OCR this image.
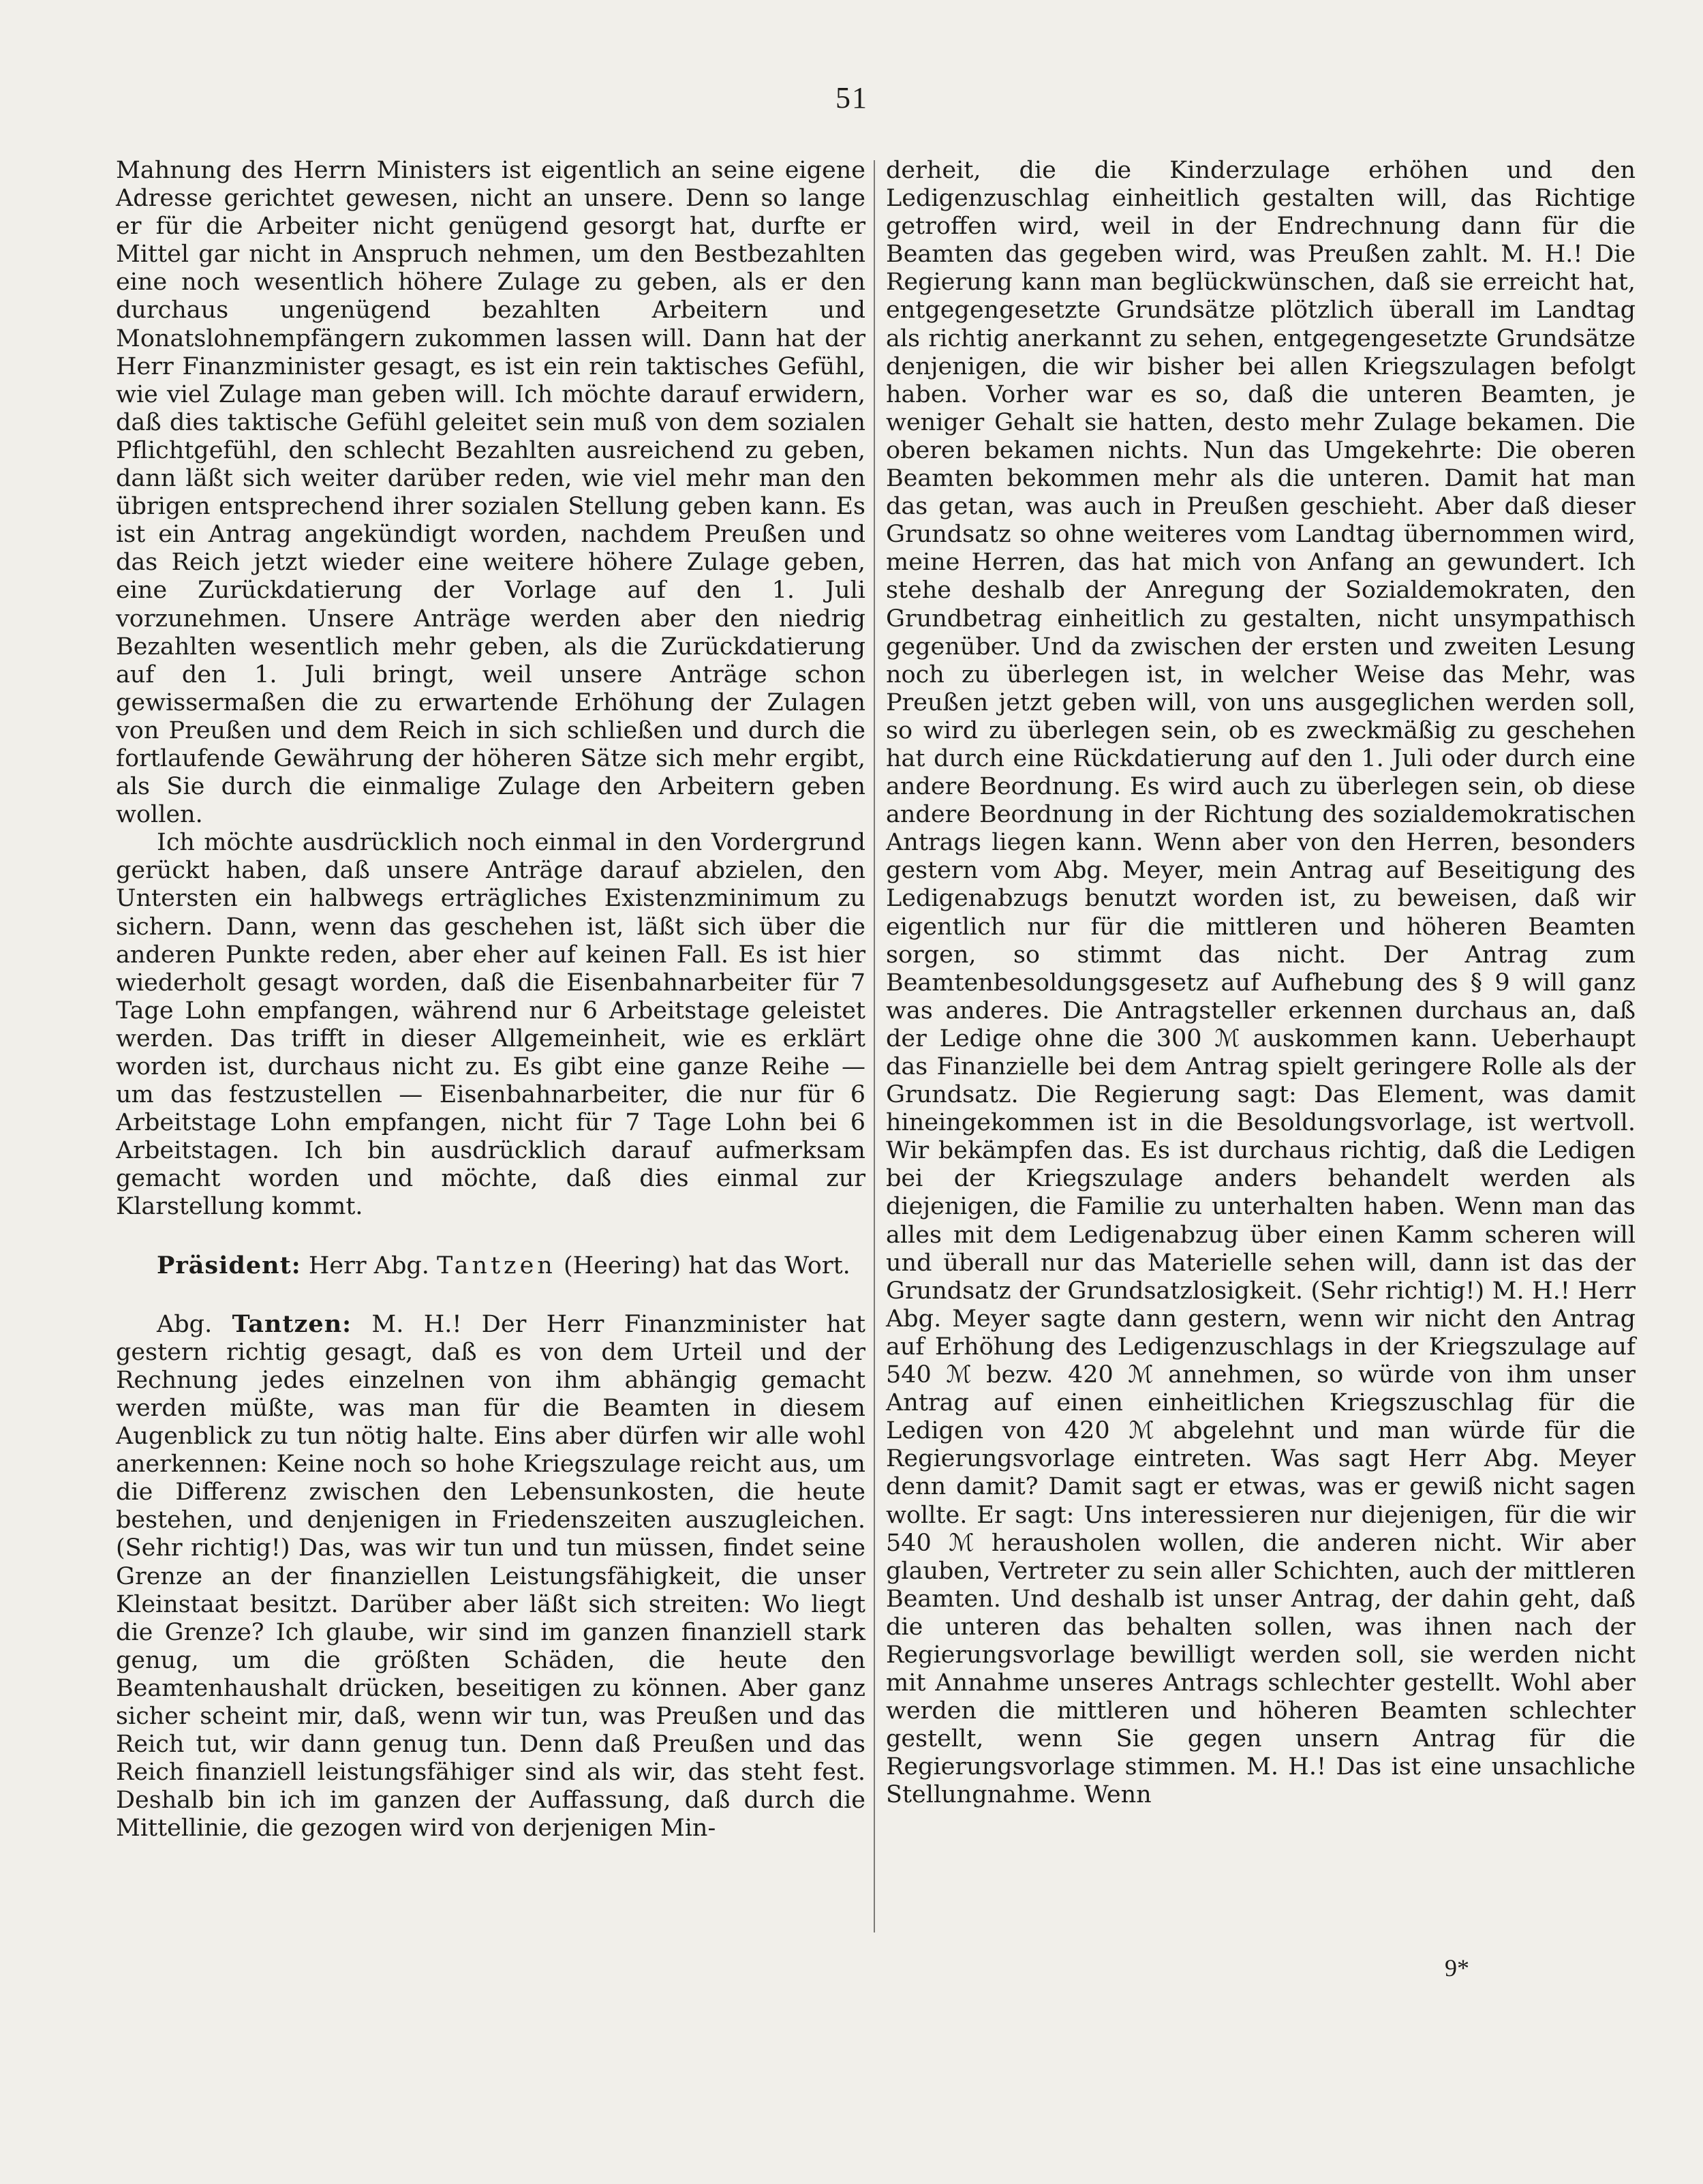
51

Mahnung des Herrn Ministers ist eigentlich an seine eigene Adresse gerichtet gewesen, nicht an unsere. Denn so lange er für die Arbeiter nicht genügend gesorgt hat, durfte er Mittel gar nicht in Anspruch nehmen, um den Bestbezahlten eine noch wesentlich höhere Zulage zu geben, als er den durchaus ungenügend bezahlten Arbeitern und Monatslohnempfängern zukommen lassen will. Dann hat der Herr Finanzminister gesagt, es ist ein rein taktisches Gefühl, wie viel Zulage man geben will. Ich möchte darauf erwidern, daß dies taktische Gefühl geleitet sein muß von dem sozialen Pflichtgefühl, den schlecht Bezahlten ausreichend zu geben, dann läßt sich weiter darüber reden, wie viel mehr man den übrigen entsprechend ihrer sozialen Stellung geben kann. Es ist ein Antrag angekündigt worden, nachdem Preußen und das Reich jetzt wieder eine weitere höhere Zulage geben, eine Zurückdatierung der Vorlage auf den 1. Juli vorzunehmen. Unsere Anträge werden aber den niedrig Bezahlten wesentlich mehr geben, als die Zurückdatierung auf den 1. Juli bringt, weil unsere Anträge schon gewissermaßen die zu erwartende Erhöhung der Zulagen von Preußen und dem Reich in sich schließen und durch die fortlaufende Gewährung der höheren Sätze sich mehr ergibt, als Sie durch die einmalige Zulage den Arbeitern geben wollen.

Ich möchte ausdrücklich noch einmal in den Vordergrund gerückt haben, daß unsere Anträge darauf abzielen, den Untersten ein halbwegs erträgliches Existenzminimum zu sichern. Dann, wenn das geschehen ist, läßt sich über die anderen Punkte reden, aber eher auf keinen Fall. Es ist hier wiederholt gesagt worden, daß die Eisenbahnarbeiter für 7 Tage Lohn empfangen, während nur 6 Arbeitstage geleistet werden. Das trifft in dieser Allgemeinheit, wie es erklärt worden ist, durchaus nicht zu. Es gibt eine ganze Reihe — um das festzustellen — Eisenbahnarbeiter, die nur für 6 Arbeitstage Lohn empfangen, nicht für 7 Tage Lohn bei 6 Arbeitstagen. Ich bin ausdrücklich darauf aufmerksam gemacht worden und möchte, daß dies einmal zur Klarstellung kommt.

Präsident: Herr Abg. Tantzen (Heering) hat das Wort.

Abg. Tantzen: M. H.! Der Herr Finanzminister hat gestern richtig gesagt, daß es von dem Urteil und der Rechnung jedes einzelnen von ihm abhängig gemacht werden müßte, was man für die Beamten in diesem Augenblick zu tun nötig halte. Eins aber dürfen wir alle wohl anerkennen: Keine noch so hohe Kriegszulage reicht aus, um die Differenz zwischen den Lebensunkosten, die heute bestehen, und denjenigen in Friedenszeiten auszugleichen. (Sehr richtig!) Das, was wir tun und tun müssen, findet seine Grenze an der finanziellen Leistungsfähigkeit, die unser Kleinstaat besitzt. Darüber aber läßt sich streiten: Wo liegt die Grenze? Ich glaube, wir sind im ganzen finanziell stark genug, um die größten Schäden, die heute den Beamtenhaushalt drücken, beseitigen zu können. Aber ganz sicher scheint mir, daß, wenn wir tun, was Preußen und das Reich tut, wir dann genug tun. Denn daß Preußen und das Reich finanziell leistungsfähiger sind als wir, das steht fest. Deshalb bin ich im ganzen der Auffassung, daß durch die Mittellinie, die gezogen wird von derjenigen Min-

derheit, die die Kinderzulage erhöhen und den Ledigenzuschlag einheitlich gestalten will, das Richtige getroffen wird, weil in der Endrechnung dann für die Beamten das gegeben wird, was Preußen zahlt. M. H.! Die Regierung kann man beglückwünschen, daß sie erreicht hat, entgegengesetzte Grundsätze plötzlich überall im Landtag als richtig anerkannt zu sehen, entgegengesetzte Grundsätze denjenigen, die wir bisher bei allen Kriegszulagen befolgt haben. Vorher war es so, daß die unteren Beamten, je weniger Gehalt sie hatten, desto mehr Zulage bekamen. Die oberen bekamen nichts. Nun das Umgekehrte: Die oberen Beamten bekommen mehr als die unteren. Damit hat man das getan, was auch in Preußen geschieht. Aber daß dieser Grundsatz so ohne weiteres vom Landtag übernommen wird, meine Herren, das hat mich von Anfang an gewundert. Ich stehe deshalb der Anregung der Sozialdemokraten, den Grundbetrag einheitlich zu gestalten, nicht unsympathisch gegenüber. Und da zwischen der ersten und zweiten Lesung noch zu überlegen ist, in welcher Weise das Mehr, was Preußen jetzt geben will, von uns ausgeglichen werden soll, so wird zu überlegen sein, ob es zweckmäßig zu geschehen hat durch eine Rückdatierung auf den 1. Juli oder durch eine andere Beordnung. Es wird auch zu überlegen sein, ob diese andere Beordnung in der Richtung des sozialdemokratischen Antrags liegen kann. Wenn aber von den Herren, besonders gestern vom Abg. Meyer, mein Antrag auf Beseitigung des Ledigenabzugs benutzt worden ist, zu beweisen, daß wir eigentlich nur für die mittleren und höheren Beamten sorgen, so stimmt das nicht. Der Antrag zum Beamtenbesoldungsgesetz auf Aufhebung des § 9 will ganz was anderes. Die Antragsteller erkennen durchaus an, daß der Ledige ohne die 300 ℳ auskommen kann. Ueberhaupt das Finanzielle bei dem Antrag spielt geringere Rolle als der Grundsatz. Die Regierung sagt: Das Element, was damit hineingekommen ist in die Besoldungsvorlage, ist wertvoll. Wir bekämpfen das. Es ist durchaus richtig, daß die Ledigen bei der Kriegszulage anders behandelt werden als diejenigen, die Familie zu unterhalten haben. Wenn man das alles mit dem Ledigenabzug über einen Kamm scheren will und überall nur das Materielle sehen will, dann ist das der Grundsatz der Grundsatzlosigkeit. (Sehr richtig!) M. H.! Herr Abg. Meyer sagte dann gestern, wenn wir nicht den Antrag auf Erhöhung des Ledigenzuschlags in der Kriegszulage auf 540 ℳ bezw. 420 ℳ annehmen, so würde von ihm unser Antrag auf einen einheitlichen Kriegszuschlag für die Ledigen von 420 ℳ abgelehnt und man würde für die Regierungsvorlage eintreten. Was sagt Herr Abg. Meyer denn damit? Damit sagt er etwas, was er gewiß nicht sagen wollte. Er sagt: Uns interessieren nur diejenigen, für die wir 540 ℳ herausholen wollen, die anderen nicht. Wir aber glauben, Vertreter zu sein aller Schichten, auch der mittleren Beamten. Und deshalb ist unser Antrag, der dahin geht, daß die unteren das behalten sollen, was ihnen nach der Regierungsvorlage bewilligt werden soll, sie werden nicht mit Annahme unseres Antrags schlechter gestellt. Wohl aber werden die mittleren und höheren Beamten schlechter gestellt, wenn Sie gegen unsern Antrag für die Regierungsvorlage stimmen. M. H.! Das ist eine unsachliche Stellungnahme. Wenn

9*
